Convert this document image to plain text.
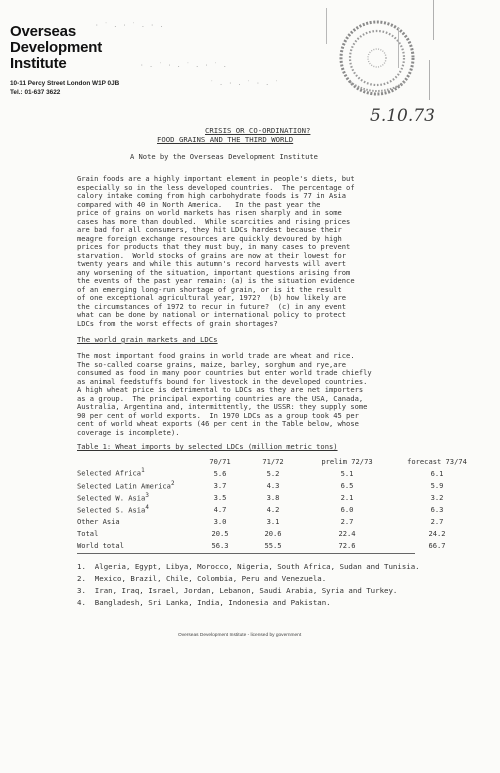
Overseas
Development
Institute
10-11 Percy Street London W1P 0JB
Tel.: 01-637 3622
· ˙ . · ˙ . · .
· . ˙ · . ˙ . · ˙ .
˙ . · . ˙ · . ˙
5.10.73
CRISIS OR CO-ORDINATION?
FOOD GRAINS AND THE THIRD WORLD
A Note by the Overseas Development Institute
Grain foods are a highly important element in people's diets, but
especially so in the less developed countries.  The percentage of
calory intake coming from high carbohydrate foods is 77 in Asia
compared with 40 in North America.   In the past year the
price of grains on world markets has risen sharply and in some
cases has more than doubled.  While scarcities and rising prices
are bad for all consumers, they hit LDCs hardest because their
meagre foreign exchange resources are quickly devoured by high
prices for products that they must buy, in many cases to prevent
starvation.  World stocks of grains are now at their lowest for
twenty years and while this autumn's record harvests will avert
any worsening of the situation, important questions arising from
the events of the past year remain: (a) is the situation evidence
of an emerging long-run shortage of grain, or is it the result
of one exceptional agricultural year, 1972?  (b) how likely are
the circumstances of 1972 to recur in future?  (c) in any event
what can be done by national or international policy to protect
LDCs from the worst effects of grain shortages?
The world grain markets and LDCs
The most important food grains in world trade are wheat and rice.
The so-called coarse grains, maize, barley, sorghum and rye,are
consumed as food in many poor countries but enter world trade chiefly
as animal feedstuffs bound for livestock in the developed countries.
A high wheat price is detrimental to LDCs as they are net importers
as a group.  The principal exporting countries are the USA, Canada,
Australia, Argentina and, intermittently, the USSR: they supply some
90 per cent of world exports.  In 1970 LDCs as a group took 45 per
cent of world wheat exports (46 per cent in the Table below, whose
coverage is incomplete).
Table 1: Wheat imports by selected LDCs (million metric tons)
	70/71	71/72	prelim 72/73	forecast 73/74
Selected Africa$^1$	5.6	5.2	5.1	6.1
Selected Latin America$^2$	3.7	4.3	6.5	5.9
Selected W. Asia$^3$	3.5	3.8	2.1	3.2
Selected S. Asia$^4$	4.7	4.2	6.0	6.3
Other Asia	3.0	3.1	2.7	2.7
Total	20.5	20.6	22.4	24.2
World total	56.3	55.5	72.6	66.7
1.  Algeria, Egypt, Libya, Morocco, Nigeria, South Africa, Sudan and Tunisia.
2.  Mexico, Brazil, Chile, Colombia, Peru and Venezuela.
3.  Iran, Iraq, Israel, Jordan, Lebanon, Saudi Arabia, Syria and Turkey.
4.  Bangladesh, Sri Lanka, India, Indonesia and Pakistan.
Overseas Development Institute - licensed by government
